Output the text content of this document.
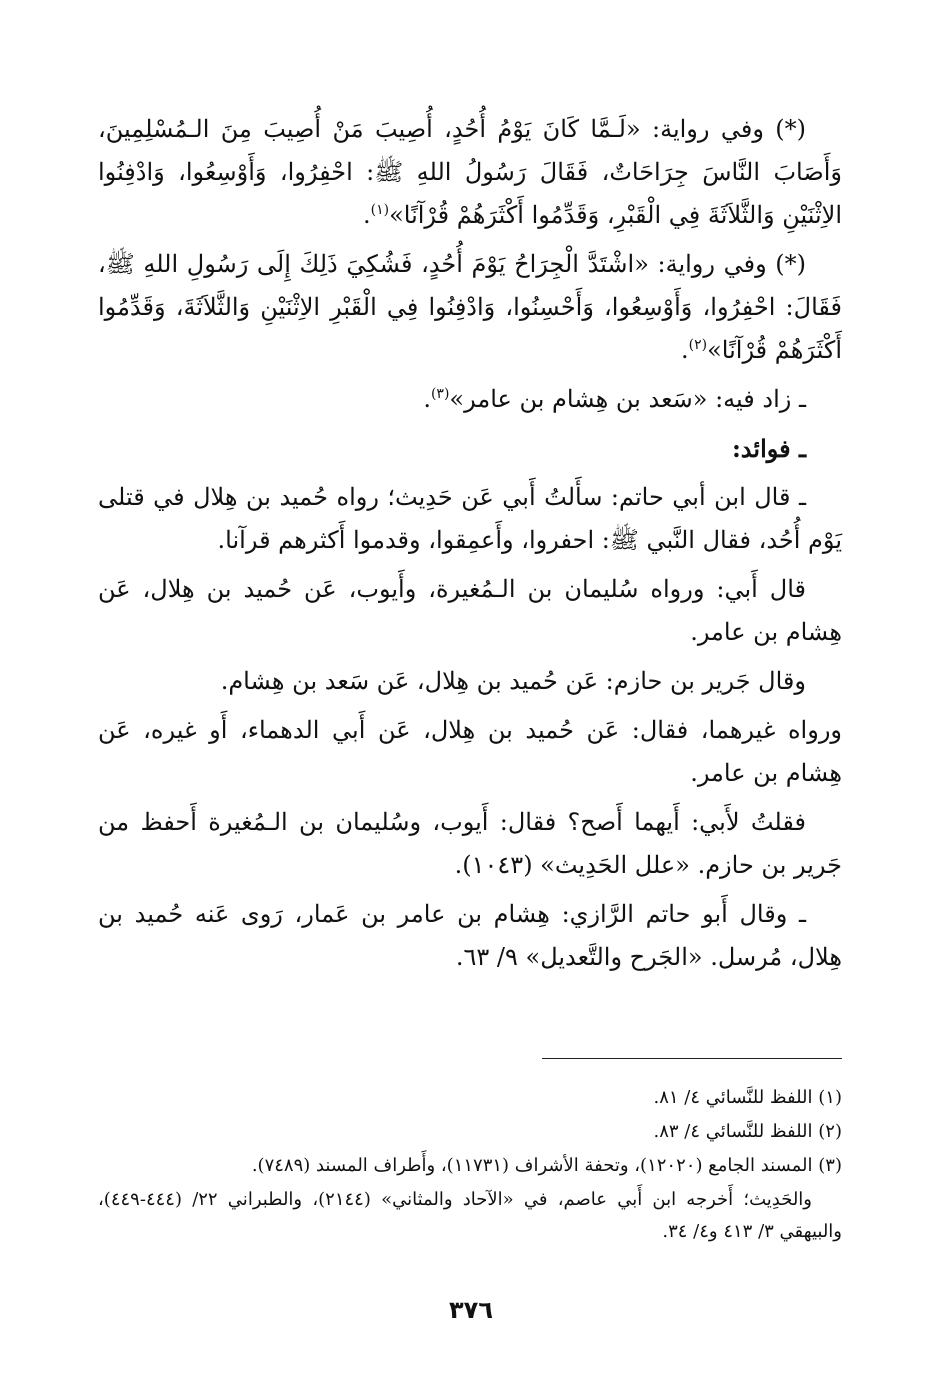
(*) وفي رواية: «لَـمَّا كَانَ يَوْمُ أُحُدٍ، أُصِيبَ مَنْ أُصِيبَ مِنَ الـمُسْلِمِينَ، وَأَصَابَ النَّاسَ جِرَاحَاتٌ، فَقَالَ رَسُولُ اللهِ ﷺ: احْفِرُوا، وَأَوْسِعُوا، وَادْفِنُوا الاِثْنَيْنِ وَالثَّلاَثَةَ فِي الْقَبْرِ، وَقَدِّمُوا أَكْثَرَهُمْ قُرْآنًا»$^{(١)}$.

(*) وفي رواية: «اشْتَدَّ الْجِرَاحُ يَوْمَ أُحُدٍ، فَشُكِيَ ذَلِكَ إِلَى رَسُولِ اللهِ ﷺ، فَقَالَ: احْفِرُوا، وَأَوْسِعُوا، وَأَحْسِنُوا، وَادْفِنُوا فِي الْقَبْرِ الاِثْنَيْنِ وَالثَّلاَثَةَ، وَقَدِّمُوا أَكْثَرَهُمْ قُرْآنًا»$^{(٢)}$.

ـ زاد فيه: «سَعد بن هِشام بن عامر»$^{(٣)}$.

ـ فوائد:

ـ قال ابن أبي حاتم: سأَلتُ أَبي عَن حَدِيث؛ رواه حُميد بن هِلال في قتلى يَوْم أُحُد، فقال النَّبي ﷺ: احفروا، وأَعمِقوا، وقدموا أَكثرهم قرآنا.

قال أَبي: ورواه سُليمان بن الـمُغيرة، وأَيوب، عَن حُميد بن هِلال، عَن هِشام بن عامر.

وقال جَرير بن حازم: عَن حُميد بن هِلال، عَن سَعد بن هِشام.

ورواه غيرهما، فقال: عَن حُميد بن هِلال، عَن أَبي الدهماء، أَو غيره، عَن هِشام بن عامر.

فقلتُ لأَبي: أَيهما أَصح؟ فقال: أَيوب، وسُليمان بن الـمُغيرة أَحفظ من جَرير بن حازم. «علل الحَدِيث» (١٠٤٣).

ـ وقال أَبو حاتم الرَّازي: هِشام بن عامر بن عَمار، رَوى عَنه حُميد بن هِلال، مُرسل. «الجَرح والتَّعديل» ٩/ ٦٣.

(١) اللفظ للنَّسائي ٤/ ٨١.

(٢) اللفظ للنَّسائي ٤/ ٨٣.

(٣) المسند الجامع (١٢٠٢٠)، وتحفة الأشراف (١١٧٣١)، وأَطراف المسند (٧٤٨٩).

والحَدِيث؛ أَخرجه ابن أَبي عاصم، في «الآحاد والمثاني» (٢١٤٤)، والطبراني ٢٢/ (٤٤٤-٤٤٩)، والبيهقي ٣/ ٤١٣ و٤/ ٣٤.

٣٧٦
